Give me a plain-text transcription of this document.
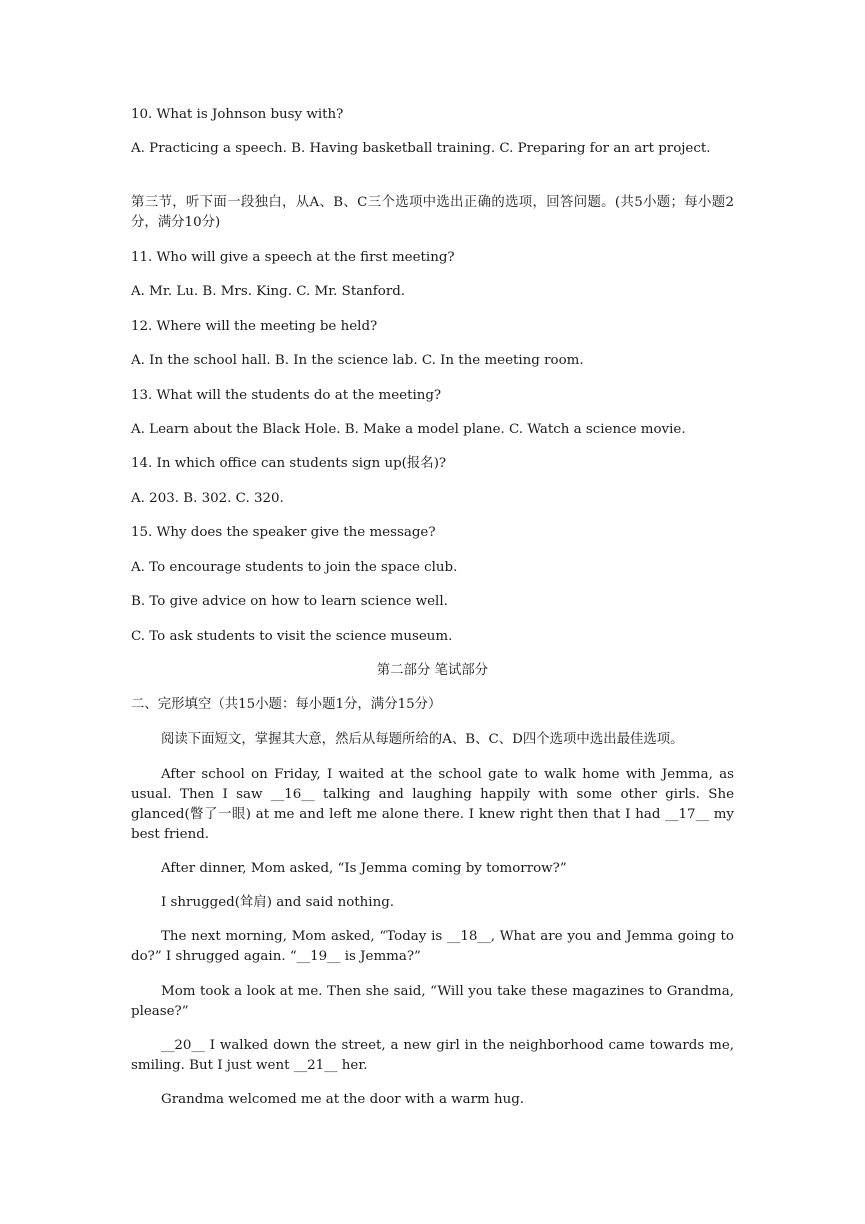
10. What is Johnson busy with?
A. Practicing a speech. B. Having basketball training. C. Preparing for an art project.
第三节，听下面一段独白，从A、B、C三个选项中选出正确的选项，回答问题。(共5小题；每小题2分，满分10分)
11. Who will give a speech at the first meeting?
A. Mr. Lu. B. Mrs. King. C. Mr. Stanford.
12. Where will the meeting be held?
A. In the school hall. B. In the science lab. C. In the meeting room.
13. What will the students do at the meeting?
A. Learn about the Black Hole. B. Make a model plane. C. Watch a science movie.
14. In which office can students sign up(报名)?
A. 203. B. 302. C. 320.
15. Why does the speaker give the message?
A. To encourage students to join the space club.
B. To give advice on how to learn science well.
C. To ask students to visit the science museum.
第二部分 笔试部分
二、完形填空（共15小题：每小题1分，满分15分）
阅读下面短文，掌握其大意，然后从每题所给的A、B、C、D四个选项中选出最佳选项。
After school on Friday, I waited at the school gate to walk home with Jemma, as usual. Then I saw __16__ talking and laughing happily with some other girls. She glanced(瞥了一眼) at me and left me alone there. I knew right then that I had __17__ my best friend.
After dinner, Mom asked, “Is Jemma coming by tomorrow?”
I shrugged(耸肩) and said nothing.
The next morning, Mom asked, “Today is __18__, What are you and Jemma going to do?” I shrugged again. “__19__ is Jemma?”
Mom took a look at me. Then she said, “Will you take these magazines to Grandma, please?”
__20__ I walked down the street, a new girl in the neighborhood came towards me, smiling. But I just went __21__ her.
Grandma welcomed me at the door with a warm hug.
